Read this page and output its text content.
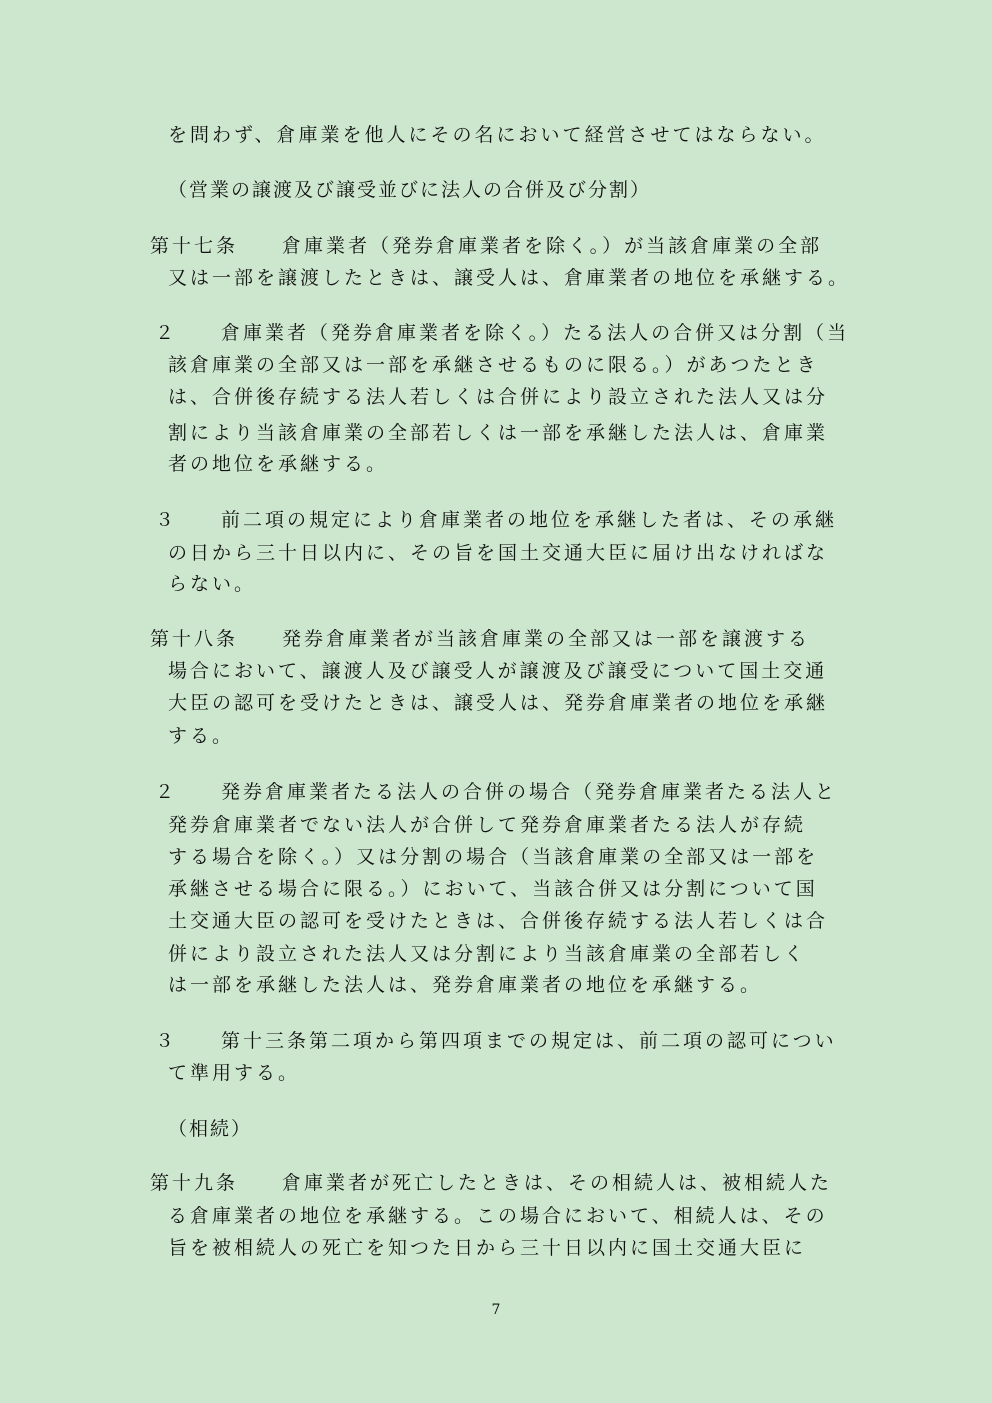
を問わず、倉庫業を他人にその名において経営させてはならない。
（営業の譲渡及び譲受並びに法人の合併及び分割）
第十七条　　倉庫業者（発券倉庫業者を除く。）が当該倉庫業の全部
又は一部を譲渡したときは、譲受人は、倉庫業者の地位を承継する。
２　　倉庫業者（発券倉庫業者を除く。）たる法人の合併又は分割（当
該倉庫業の全部又は一部を承継させるものに限る。）があつたとき
は、合併後存続する法人若しくは合併により設立された法人又は分
割により当該倉庫業の全部若しくは一部を承継した法人は、倉庫業
者の地位を承継する。
３　　前二項の規定により倉庫業者の地位を承継した者は、その承継
の日から三十日以内に、その旨を国土交通大臣に届け出なければな
らない。
第十八条　　発券倉庫業者が当該倉庫業の全部又は一部を譲渡する
場合において、譲渡人及び譲受人が譲渡及び譲受について国土交通
大臣の認可を受けたときは、譲受人は、発券倉庫業者の地位を承継
する。
２　　発券倉庫業者たる法人の合併の場合（発券倉庫業者たる法人と
発券倉庫業者でない法人が合併して発券倉庫業者たる法人が存続
する場合を除く。）又は分割の場合（当該倉庫業の全部又は一部を
承継させる場合に限る。）において、当該合併又は分割について国
土交通大臣の認可を受けたときは、合併後存続する法人若しくは合
併により設立された法人又は分割により当該倉庫業の全部若しく
は一部を承継した法人は、発券倉庫業者の地位を承継する。
３　　第十三条第二項から第四項までの規定は、前二項の認可につい
て準用する。
（相続）
第十九条　　倉庫業者が死亡したときは、その相続人は、被相続人た
る倉庫業者の地位を承継する。この場合において、相続人は、その
旨を被相続人の死亡を知つた日から三十日以内に国土交通大臣に
7
